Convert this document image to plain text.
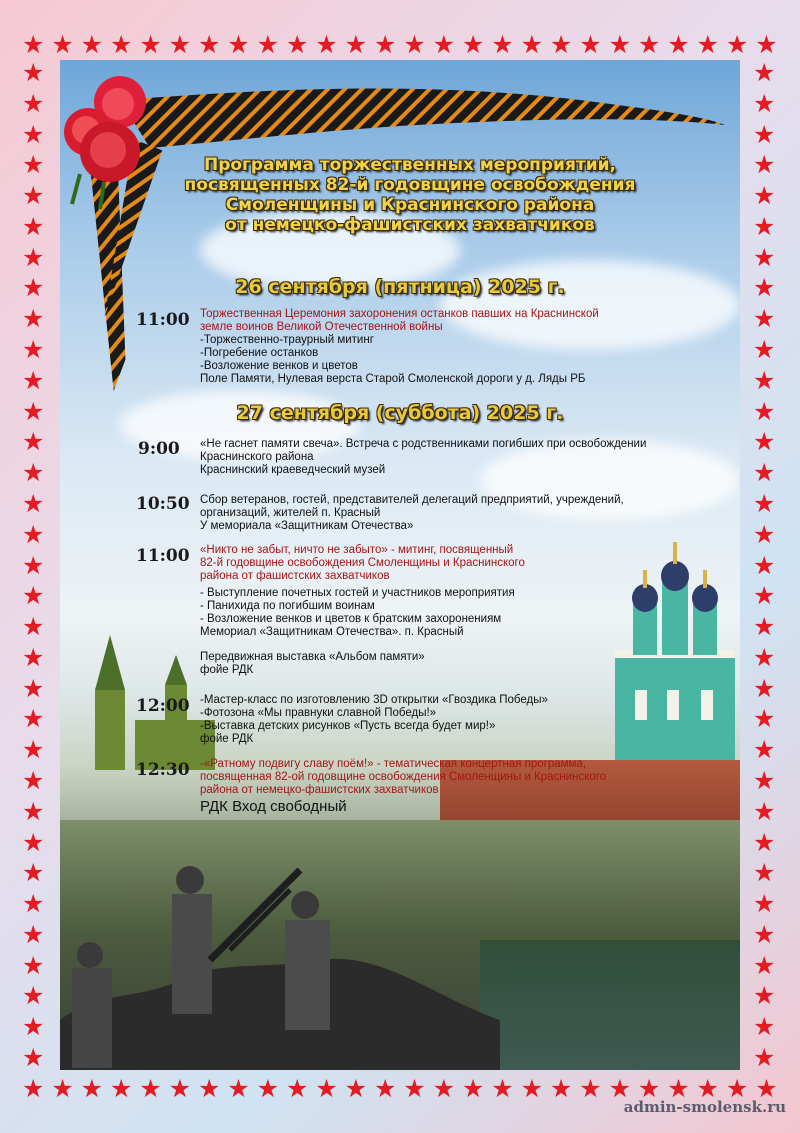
★ ★ ★ ★ ★ ★ ★ ★ ★ ★ ★ ★ ★ ★ ★ ★ ★ ★ ★ ★ ★ ★ ★ ★ ★ ★
★ ★ ★ ★ ★ ★ ★ ★ ★ ★ ★ ★ ★ ★ ★ ★ ★ ★ ★ ★ ★ ★ ★ ★ ★ ★
★
★
★
★
★
★
★
★
★
★
★
★
★
★
★
★
★
★
★
★
★
★
★
★
★
★
★
★
★
★
★
★
★
★
★
★
★
★
★
★
★
★
★
★
★
★
★
★
★
★
★
★
★
★
★
★
★
★
★
★
★
★
★
★
★
★
Программа торжественных мероприятий,
посвященных 82-й годовщине освобождения
Смоленщины и Краснинского района
от немецко-фашистских захватчиков
26 сентября (пятница) 2025 г.
11:00 Торжественная Церемония захоронения останков павших на Краснинской
земле воинов Великой Отечественной войны
-Торжественно-траурный митинг
-Погребение останков
-Возложение венков и цветов
Поле Памяти, Нулевая верста Старой Смоленской дороги у д. Ляды РБ
27 сентября (суббота) 2025 г.
9:00 «Не гаснет памяти свеча». Встреча с родственниками погибших при освобождении
Краснинского района
Краснинский краеведческий музей
10:50 Сбор ветеранов, гостей, представителей делегаций предприятий, учреждений,
организаций, жителей п. Красный
У мемориала «Защитникам Отечества»
11:00 «Никто не забыт, ничто не забыто» - митинг, посвященный
82-й годовщине освобождения Смоленщины и Краснинского
района от фашистских захватчиков
- Выступление почетных гостей и участников мероприятия
- Панихида по погибшим воинам
- Возложение венков и цветов к братским захоронениям
Мемориал «Защитникам Отечества». п. Красный
Передвижная выставка «Альбом памяти»
фойе РДК
12:00 -Мастер-класс по изготовлению 3D открытки «Гвоздика Победы»
-Фотозона «Мы правнуки славной Победы!»
-Выставка детских рисунков «Пусть всегда будет мир!»
фойе РДК
12:30 -«Ратному подвигу славу поём!» - тематическая концертная программа,
посвященная 82-ой годовщине освобождения Смоленщины и Краснинского
района от немецко-фашистских захватчиков
РДК Вход свободный
admin-smolensk.ru
